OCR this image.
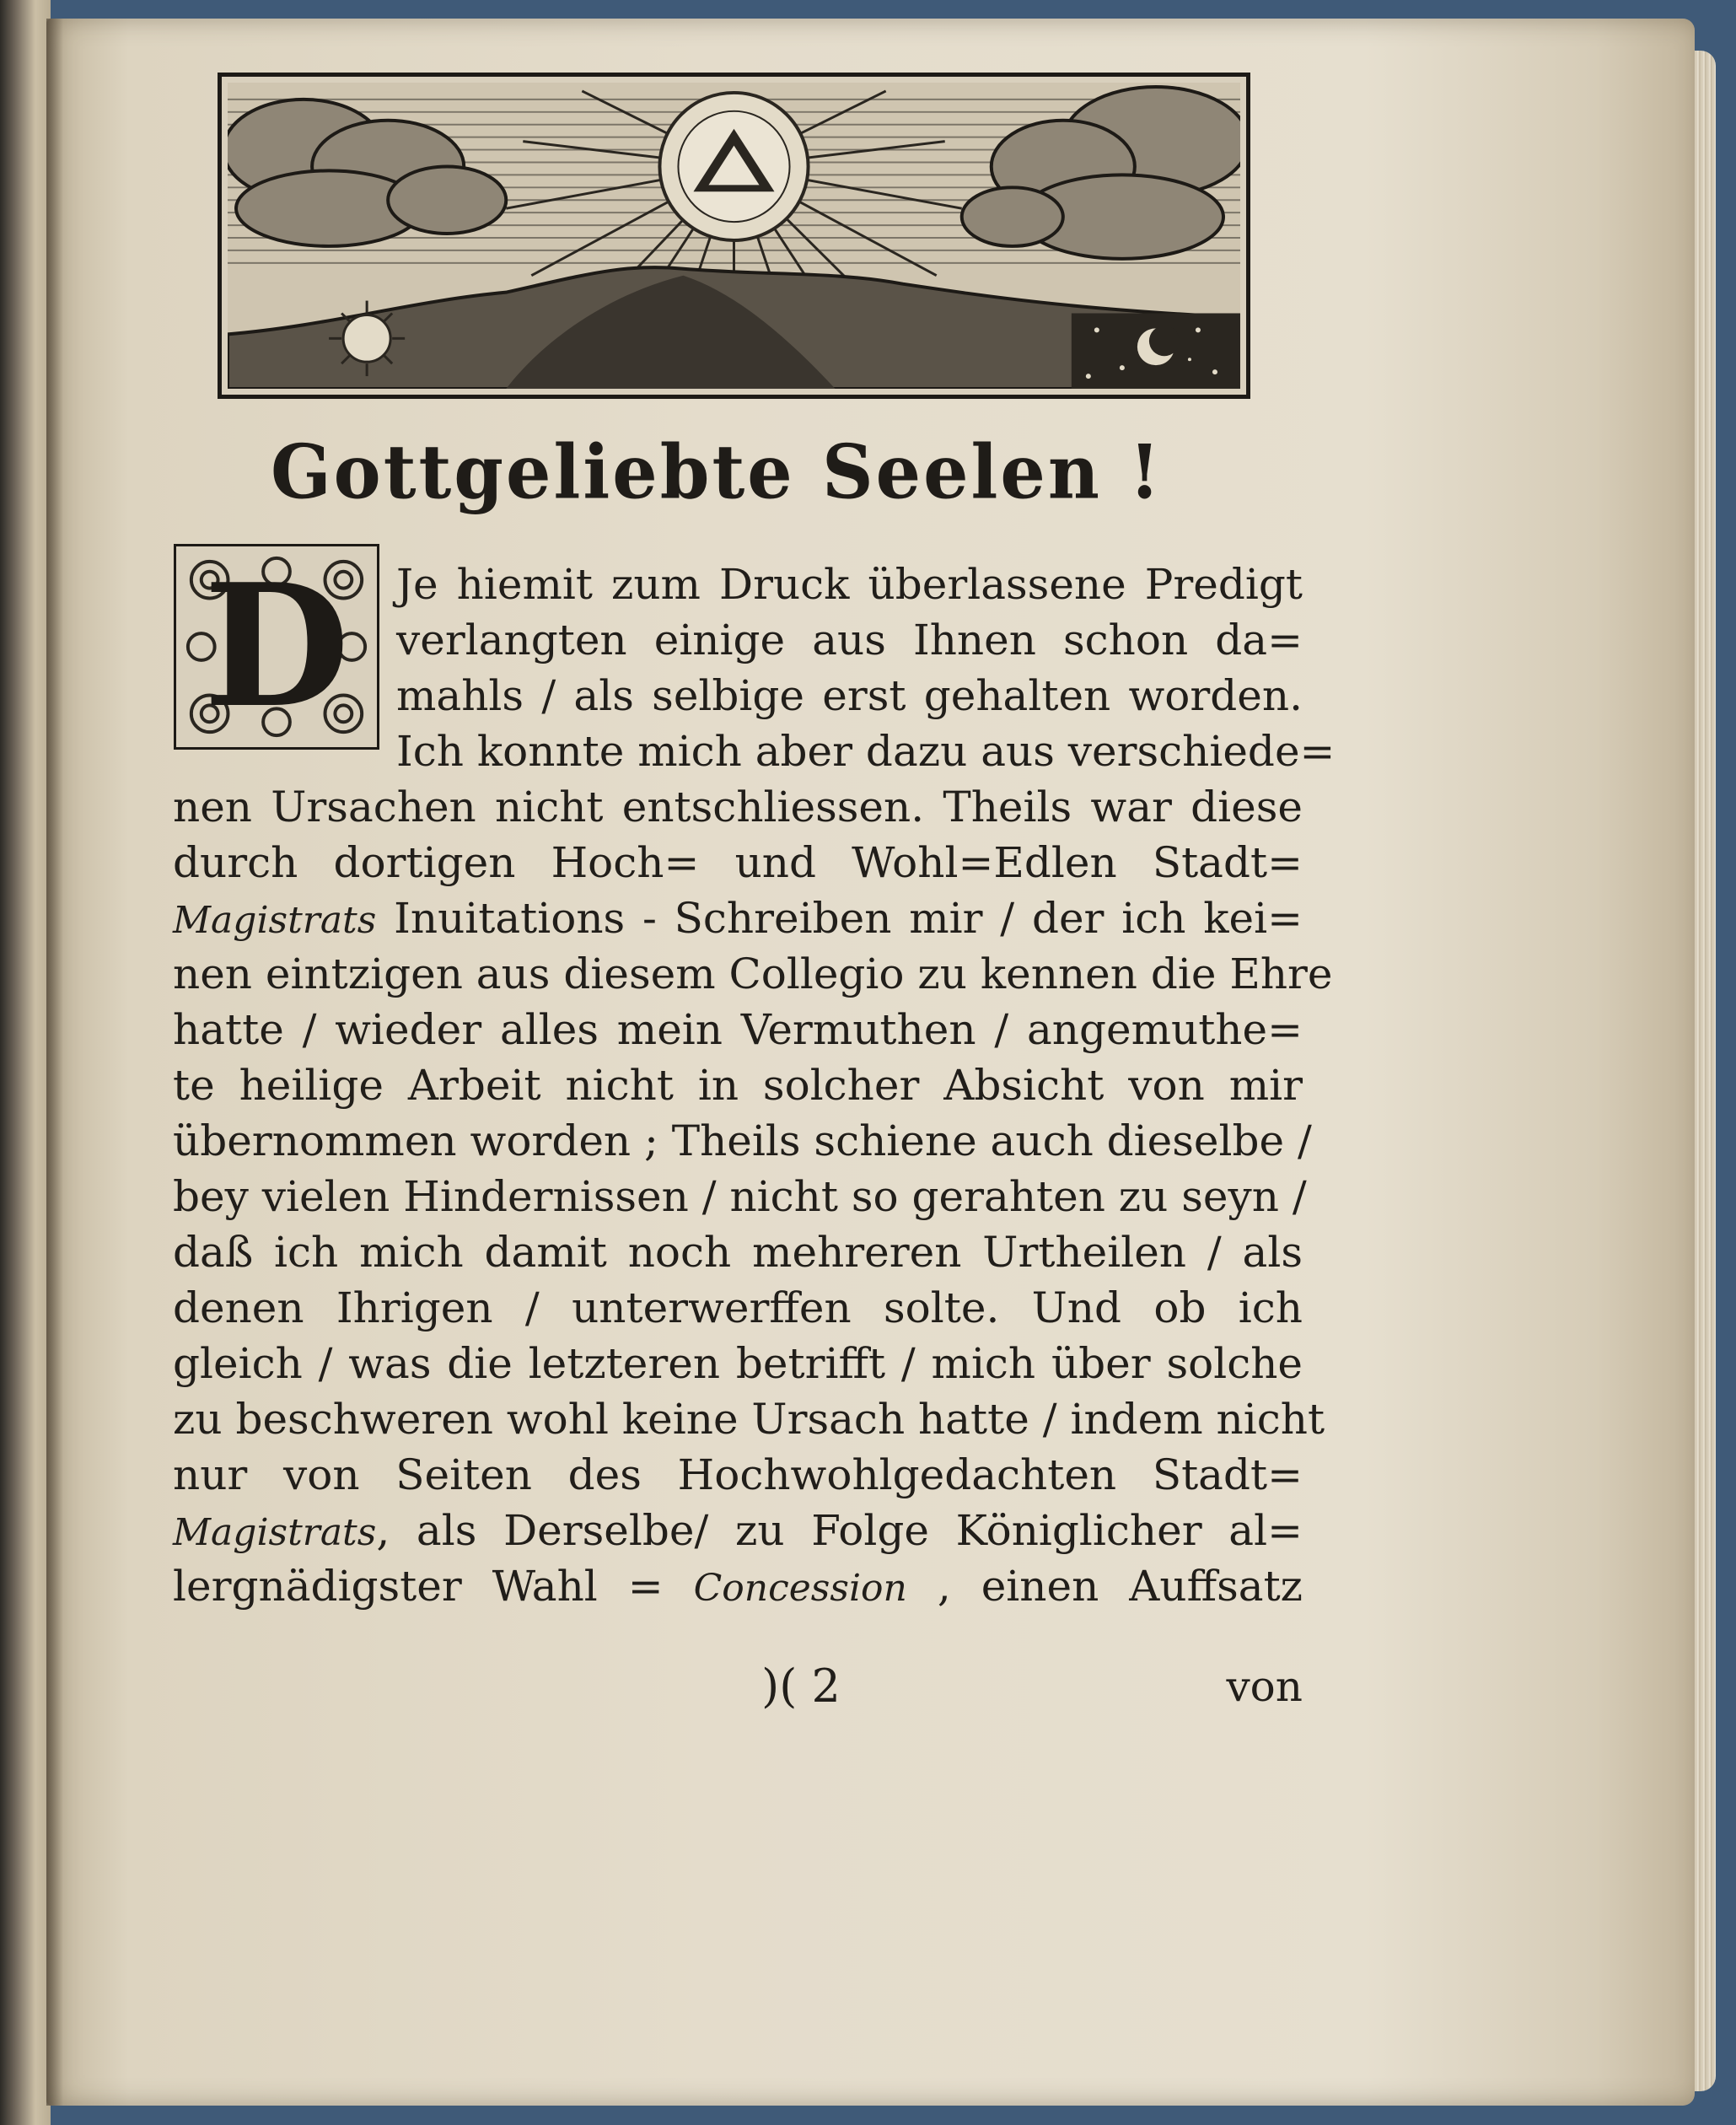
Gottgeliebte Seelen !
D	Je hiemit zum Druck überlassene Predigt
verlangten einige aus Ihnen schon da=
mahls / als selbige erst gehalten worden.
Ich konnte mich aber dazu aus verschiede=
nen Ursachen nicht entschliessen. Theils war diese
durch dortigen Hoch= und Wohl=Edlen Stadt=
Magistrats Inuitations - Schreiben mir / der ich kei=
nen eintzigen aus diesem Collegio zu kennen die Ehre
hatte / wieder alles mein Vermuthen / angemuthe=
te heilige Arbeit nicht in solcher Absicht von mir
übernommen worden ; Theils schiene auch dieselbe /
bey vielen Hindernissen / nicht so gerahten zu seyn /
daß ich mich damit noch mehreren Urtheilen / als
denen Ihrigen / unterwerffen solte. Und ob ich
gleich / was die letzteren betrifft / mich über solche
zu beschweren wohl keine Ursach hatte / indem nicht
nur von Seiten des Hochwohlgedachten Stadt=
Magistrats, als Derselbe/ zu Folge Königlicher al=
lergnädigster Wahl = Concession , einen Auffsatz
)( 2	von
